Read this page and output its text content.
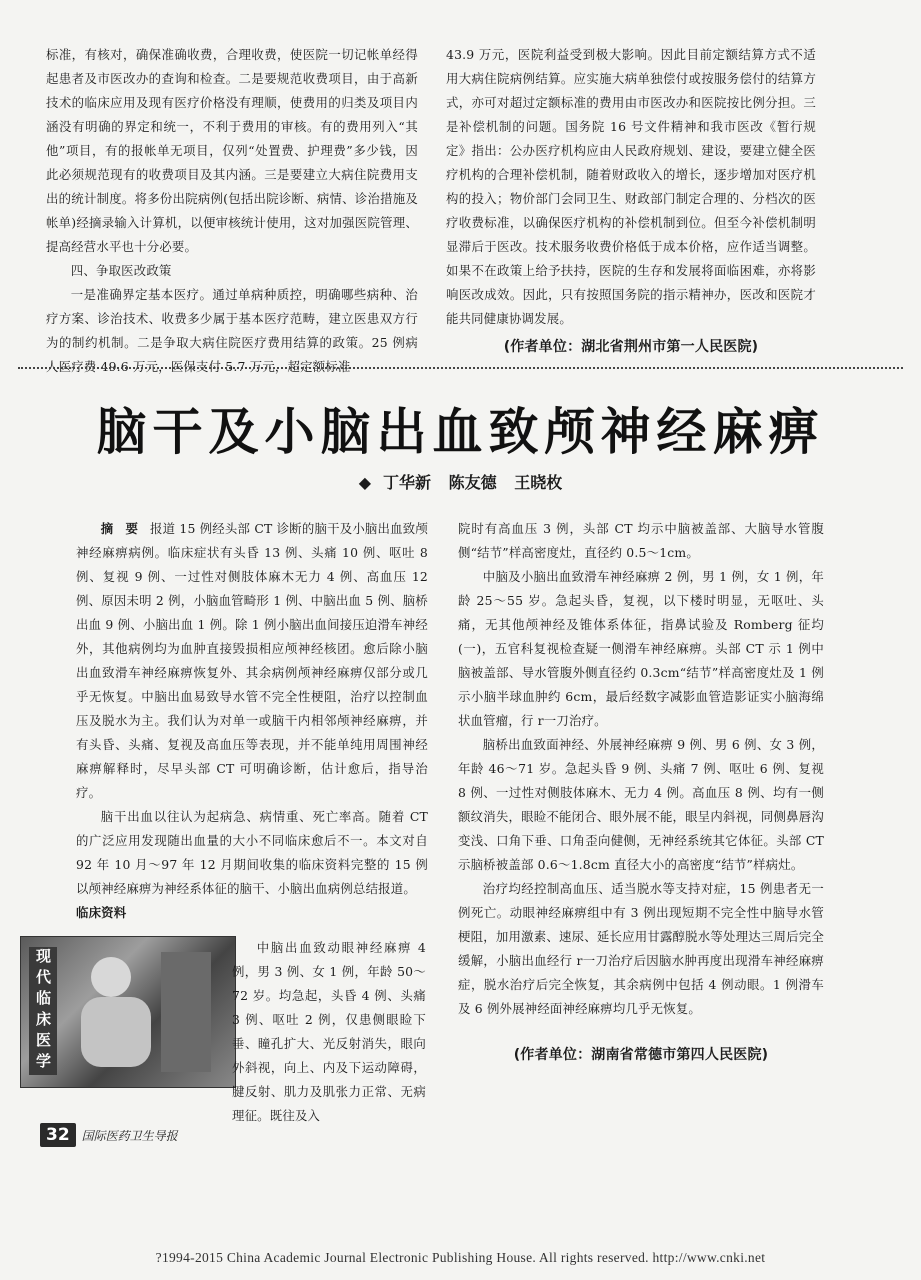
标准，有核对，确保准确收费，合理收费，使医院一切记帐单经得起患者及市医改办的查询和检查。二是要规范收费项目，由于高新技术的临床应用及现有医疗价格没有理顺，使费用的归类及项目内涵没有明确的界定和统一，不利于费用的审核。有的费用列入“其他”项目，有的报帐单无项目，仅列“处置费、护理费”多少钱，因此必须规范现有的收费项目及其内涵。三是要建立大病住院费用支出的统计制度。将多份出院病例(包括出院诊断、病情、诊治措施及帐单)经摘录输入计算机，以便审核统计使用，这对加强医院管理、提高经营水平也十分必要。

四、争取医改政策

一是准确界定基本医疗。通过单病种质控，明确哪些病种、治疗方案、诊治技术、收费多少属于基本医疗范畴，建立医患双方行为的制约机制。二是争取大病住院医疗费用结算的政策。25 例病人医疗费 49.6 万元，医保支付 5.7 万元，超定额标准

43.9 万元，医院利益受到极大影响。因此目前定额结算方式不适用大病住院病例结算。应实施大病单独偿付或按服务偿付的结算方式，亦可对超过定额标准的费用由市医改办和医院按比例分担。三是补偿机制的问题。国务院 16 号文件精神和我市医改《暂行规定》指出：公办医疗机构应由人民政府规划、建设，要建立健全医疗机构的合理补偿机制，随着财政收入的增长，逐步增加对医疗机构的投入；物价部门会同卫生、财政部门制定合理的、分档次的医疗收费标准，以确保医疗机构的补偿机制到位。但至今补偿机制明显滞后于医改。技术服务收费价格低于成本价格，应作适当调整。如果不在政策上给予扶持，医院的生存和发展将面临困难，亦将影响医改成效。因此，只有按照国务院的指示精神办，医改和医院才能共同健康协调发展。

(作者单位：湖北省荆州市第一人民医院)

脑干及小脑出血致颅神经麻痹
◆ 丁华新 陈友德 王晓枚

摘 要 报道 15 例经头部 CT 诊断的脑干及小脑出血致颅神经麻痹病例。临床症状有头昏 13 例、头痛 10 例、呕吐 8 例、复视 9 例、一过性对侧肢体麻木无力 4 例、高血压 12 例、原因未明 2 例，小脑血管畸形 1 例、中脑出血 5 例、脑桥出血 9 例、小脑出血 1 例。除 1 例小脑出血间接压迫滑车神经外，其他病例均为血肿直接毁损相应颅神经核团。愈后除小脑出血致滑车神经麻痹恢复外、其余病例颅神经麻痹仅部分或几乎无恢复。中脑出血易致导水管不完全性梗阻，治疗以控制血压及脱水为主。我们认为对单一或脑干内相邻颅神经麻痹，并有头昏、头痛、复视及高血压等表现，并不能单纯用周围神经麻痹解释时，尽早头部 CT 可明确诊断，估计愈后，指导治疗。

脑干出血以往认为起病急、病情重、死亡率高。随着 CT 的广泛应用发现随出血量的大小不同临床愈后不一。本文对自 92 年 10 月～97 年 12 月期间收集的临床资料完整的 15 例以颅神经麻痹为神经系体征的脑干、小脑出血病例总结报道。

临床资料

现代临床医学

中脑出血致动眼神经麻痹 4 例，男 3 例、女 1 例，年龄 50～72 岁。均急起，头昏 4 例、头痛 3 例、呕吐 2 例，仅患侧眼睑下垂、瞳孔扩大、光反射消失，眼向外斜视，向上、内及下运动障碍，腱反射、肌力及肌张力正常、无病理征。既往及入

院时有高血压 3 例，头部 CT 均示中脑被盖部、大脑导水管腹侧“结节”样高密度灶，直径约 0.5～1cm。

中脑及小脑出血致滑车神经麻痹 2 例，男 1 例，女 1 例，年龄 25～55 岁。急起头昏，复视，以下楼时明显，无呕吐、头痛，无其他颅神经及锥体系体征，指鼻试验及 Romberg 征均(一)，五官科复视检查疑一侧滑车神经麻痹。头部 CT 示 1 例中脑被盖部、导水管腹外侧直径约 0.3cm“结节”样高密度灶及 1 例示小脑半球血肿约 6cm，最后经数字减影血管造影证实小脑海绵状血管瘤，行 r一刀治疗。

脑桥出血致面神经、外展神经麻痹 9 例、男 6 例、女 3 例，年龄 46～71 岁。急起头昏 9 例、头痛 7 例、呕吐 6 例、复视 8 例、一过性对侧肢体麻木、无力 4 例。高血压 8 例、均有一侧额纹消失，眼睑不能闭合、眼外展不能，眼呈内斜视，同侧鼻唇沟变浅、口角下垂、口角歪向健侧，无神经系统其它体征。头部 CT 示脑桥被盖部 0.6～1.8cm 直径大小的高密度“结节”样病灶。

治疗均经控制高血压、适当脱水等支持对症，15 例患者无一例死亡。动眼神经麻痹组中有 3 例出现短期不完全性中脑导水管梗阻，加用激素、速尿、延长应用甘露醇脱水等处理达三周后完全缓解，小脑出血经行 r一刀治疗后因脑水肿再度出现滑车神经麻痹症，脱水治疗后完全恢复，其余病例中包括 4 例动眼。1 例滑车及 6 例外展神经面神经麻痹均几乎无恢复。

(作者单位：湖南省常德市第四人民医院)

32	国际医药卫生导报
?1994-2015 China Academic Journal Electronic Publishing House. All rights reserved. http://www.cnki.net
